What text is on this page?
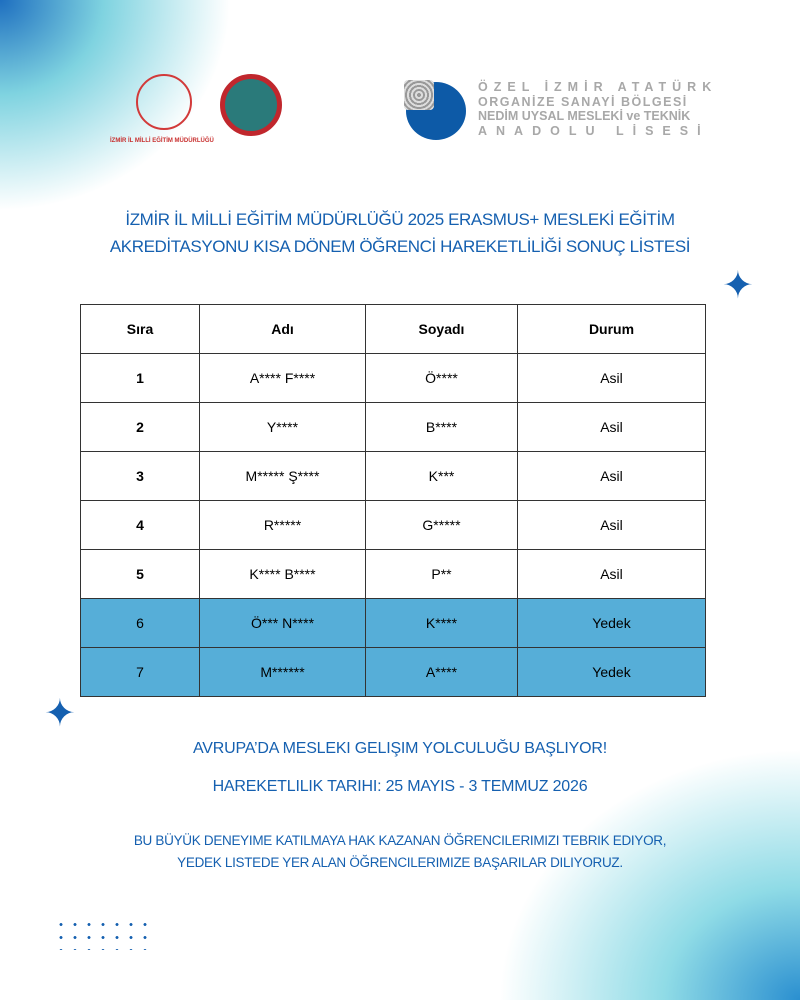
İZMİR İL MİLLİ EĞİTİM MÜDÜRLÜĞÜ
ÖZEL İZMİR ATATÜRK
ORGANİZE SANAYİ BÖLGESİ
NEDİM UYSAL MESLEKİ ve TEKNİK
ANADOLU LİSESİ
İZMİR İL MİLLİ EĞİTİM MÜDÜRLÜĞÜ 2025 ERASMUS+ MESLEKİ EĞİTİM
AKREDİTASYONU KISA DÖNEM ÖĞRENCİ HAREKETLİLİĞİ SONUÇ LİSTESİ
✦
✦
Sıra	Adı	Soyadı	Durum
1	A**** F****	Ö****	Asil
2	Y****	B****	Asil
3	M***** Ş****	K***	Asil
4	R*****	G*****	Asil
5	K**** B****	P**	Asil
6	Ö*** N****	K****	Yedek
7	M******	A****	Yedek
AVRUPA’DA MESLEKI GELIŞIM YOLCULUĞU BAŞLIYOR!
HAREKETLILIK TARIHI: 25 MAYIS - 3 TEMMUZ 2026
BU BÜYÜK DENEYIME KATILMAYA HAK KAZANAN ÖĞRENCILERIMIZI TEBRIK EDIYOR,
YEDEK LISTEDE YER ALAN ÖĞRENCILERIMIZE BAŞARILAR DILIYORUZ.
